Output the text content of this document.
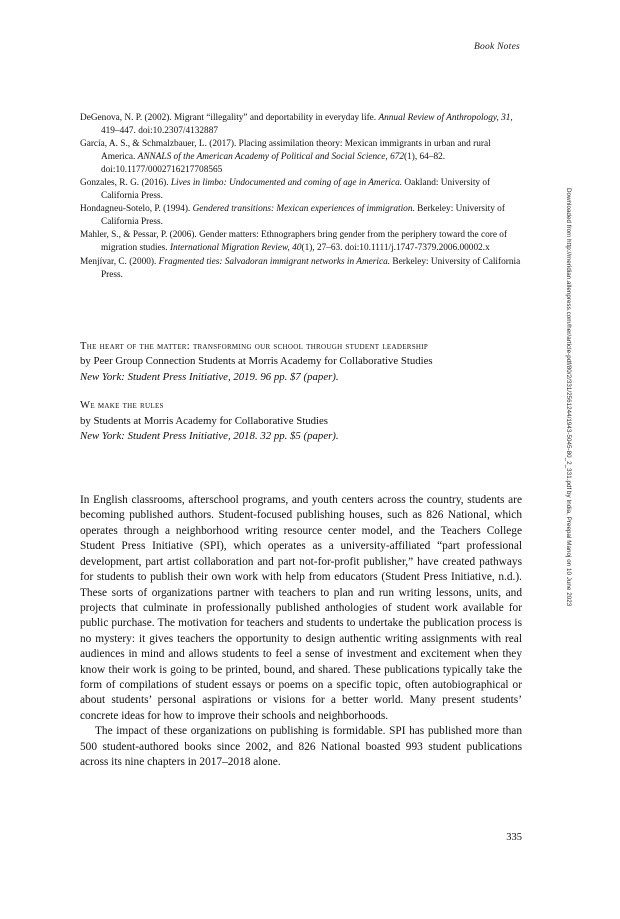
Book Notes

DeGenova, N. P. (2002). Migrant “illegality” and deportability in everyday life. Annual Review of Anthropology, 31, 419–447. doi:10.2307/4132887

García, A. S., & Schmalzbauer, L. (2017). Placing assimilation theory: Mexican immigrants in urban and rural America. ANNALS of the American Academy of Political and Social Science, 672(1), 64–82. doi:10.1177/0002716217708565

Gonzales, R. G. (2016). Lives in limbo: Undocumented and coming of age in America. Oakland: University of California Press.

Hondagneu-Sotelo, P. (1994). Gendered transitions: Mexican experiences of immigration. Berkeley: University of California Press.

Mahler, S., & Pessar, P. (2006). Gender matters: Ethnographers bring gender from the periphery toward the core of migration studies. International Migration Review, 40(1), 27–63. doi:10.1111/j.1747-7379.2006.00002.x

Menjívar, C. (2000). Fragmented ties: Salvadoran immigrant networks in America. Berkeley: University of California Press.

The heart of the matter: transforming our school through student leadership
by Peer Group Connection Students at Morris Academy for Collaborative Studies
New York: Student Press Initiative, 2019. 96 pp. $7 (paper).
We make the rules
by Students at Morris Academy for Collaborative Studies
New York: Student Press Initiative, 2018. 32 pp. $5 (paper).

In English classrooms, afterschool programs, and youth centers across the country, students are becoming published authors. Student-focused publishing houses, such as 826 National, which operates through a neighborhood writing resource center model, and the Teachers College Student Press Initiative (SPI), which operates as a university-affiliated “part professional development, part artist collaboration and part not-for-profit publisher,” have created pathways for students to publish their own work with help from educators (Student Press Initiative, n.d.). These sorts of organizations partner with teachers to plan and run writing lessons, units, and projects that culminate in professionally published anthologies of student work available for public purchase. The motivation for teachers and students to undertake the publication process is no mystery: it gives teachers the opportunity to design authentic writing assignments with real audiences in mind and allows students to feel a sense of investment and excitement when they know their work is going to be printed, bound, and shared. These publications typically take the form of compilations of student essays or poems on a specific topic, often autobiographical or about students’ personal aspirations or visions for a better world. Many present students’ concrete ideas for how to improve their schools and neighborhoods.

The impact of these organizations on publishing is formidable. SPI has published more than 500 student-authored books since 2002, and 826 National boasted 993 student publications across its nine chapters in 2017–2018 alone.

335
Downloaded from http://meridian.allenpress.com/her/article-pdf/80/2/331/2561244/1943-5045-80_2_331.pdf by India, Preepal Manoj on 10 June 2023
